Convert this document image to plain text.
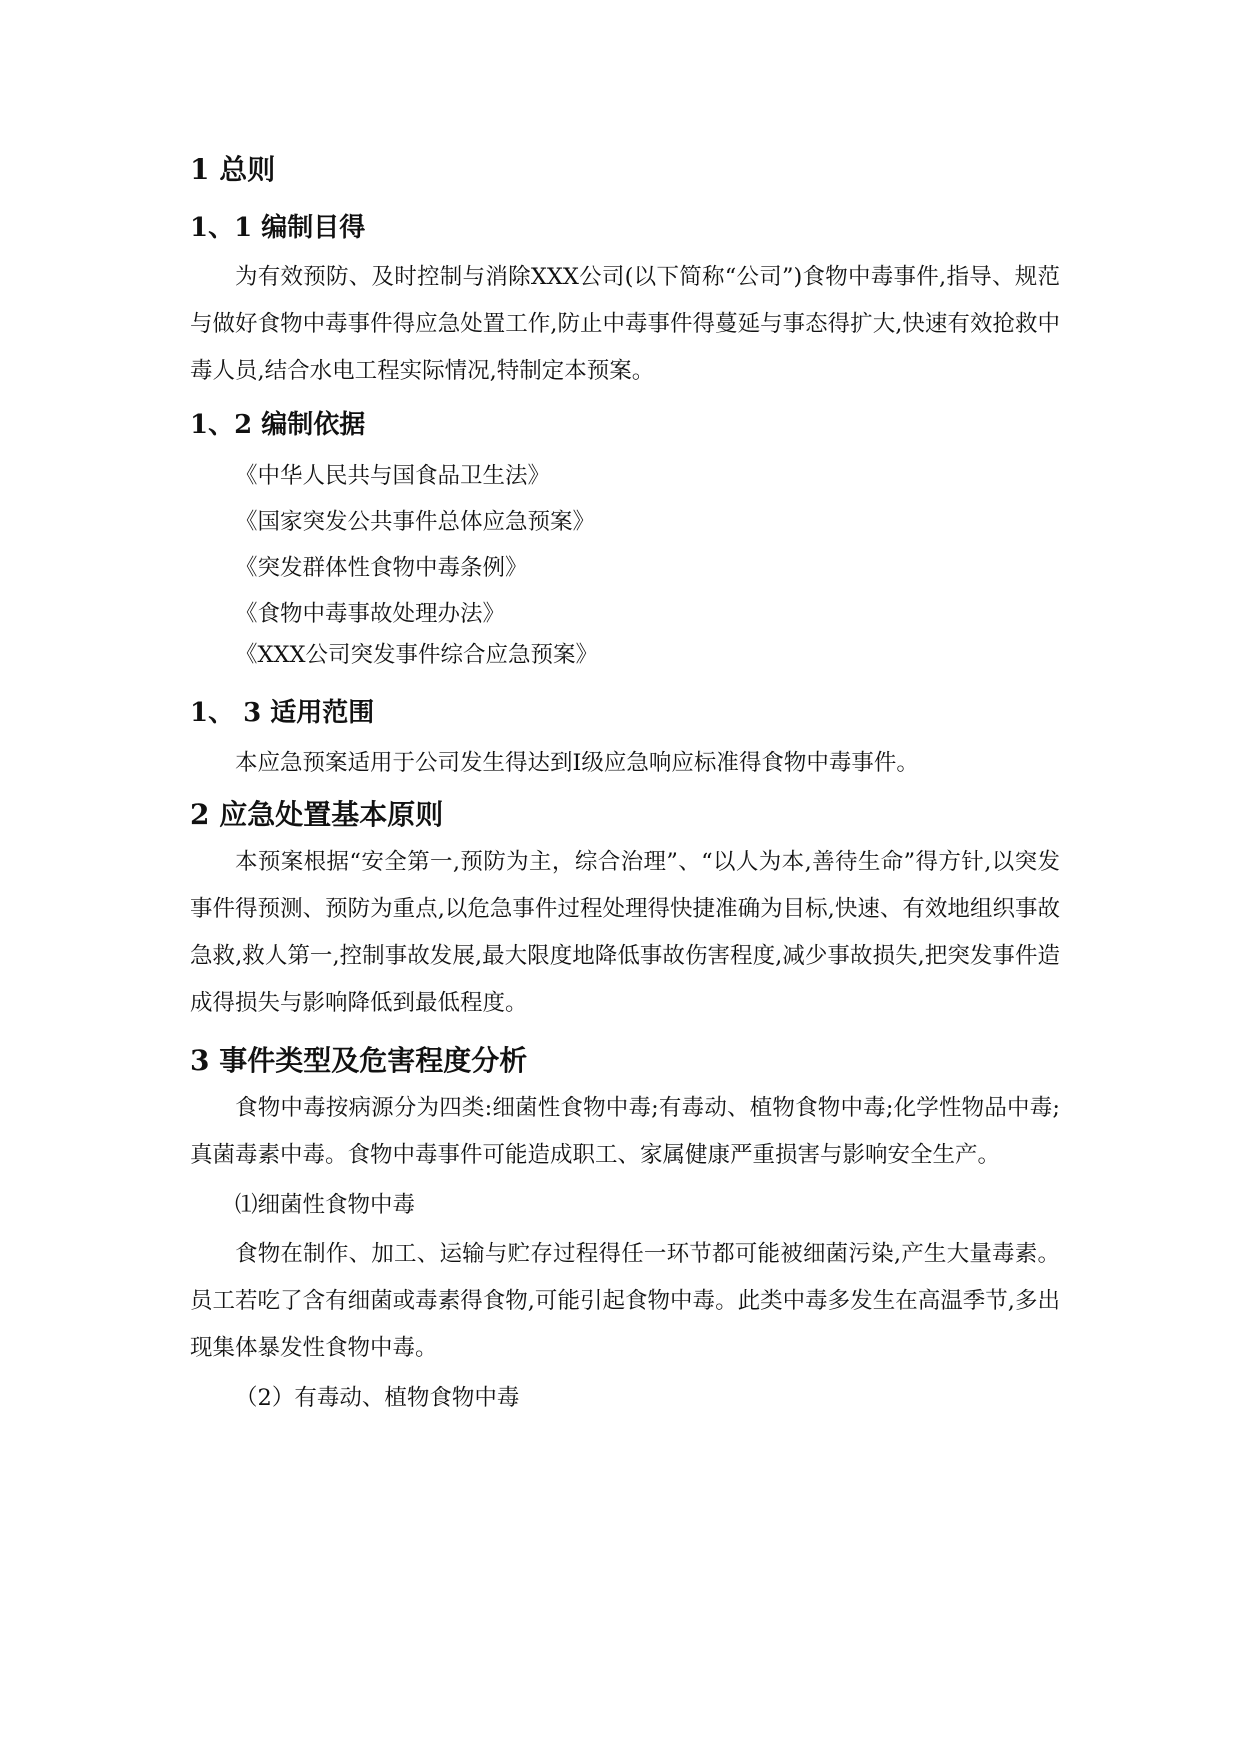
1 总则
1、1 编制目得

为有效预防、及时控制与消除XXX公司(以下简称“公司”)食物中毒事件,指导、规范与做好食物中毒事件得应急处置工作,防止中毒事件得蔓延与事态得扩大,快速有效抢救中毒人员,结合水电工程实际情况,特制定本预案。

1、2 编制依据

《中华人民共与国食品卫生法》

《国家突发公共事件总体应急预案》

《突发群体性食物中毒条例》

《食物中毒事故处理办法》

《XXX公司突发事件综合应急预案》

1、 3 适用范围

本应急预案适用于公司发生得达到Ⅰ级应急响应标准得食物中毒事件。

2 应急处置基本原则

本预案根据“安全第一,预防为主，综合治理”、“以人为本,善待生命”得方针,以突发事件得预测、预防为重点,以危急事件过程处理得快捷准确为目标,快速、有效地组织事故急救,救人第一,控制事故发展,最大限度地降低事故伤害程度,减少事故损失,把突发事件造成得损失与影响降低到最低程度。

3 事件类型及危害程度分析

食物中毒按病源分为四类:细菌性食物中毒;有毒动、植物食物中毒;化学性物品中毒;真菌毒素中毒。食物中毒事件可能造成职工、家属健康严重损害与影响安全生产。

⑴细菌性食物中毒

食物在制作、加工、运输与贮存过程得任一环节都可能被细菌污染,产生大量毒素。员工若吃了含有细菌或毒素得食物,可能引起食物中毒。此类中毒多发生在高温季节,多出现集体暴发性食物中毒。

（2）有毒动、植物食物中毒
